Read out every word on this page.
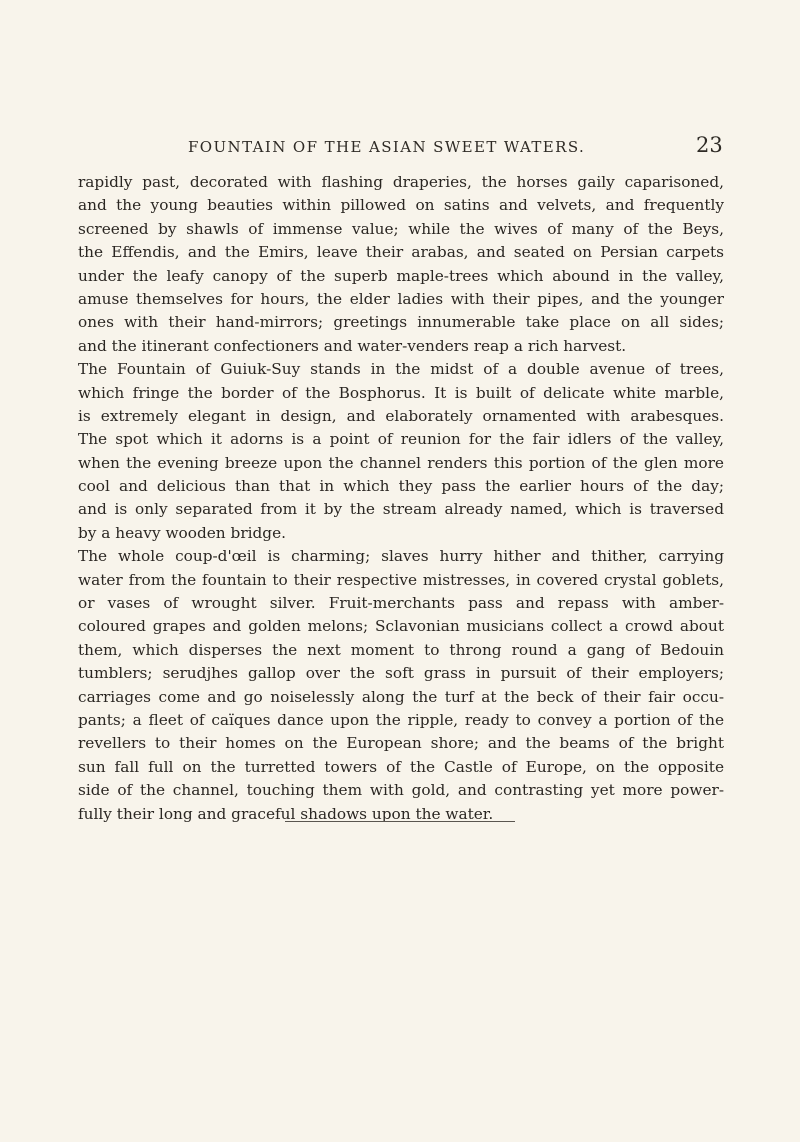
FOUNTAIN OF THE ASIAN SWEET WATERS.	23
rapidly past, decorated with flashing draperies, the horses gaily caparisoned,
and the young beauties within pillowed on satins and velvets, and frequently
screened by shawls of immense value; while the wives of many of the Beys,
the Effendis, and the Emirs, leave their arabas, and seated on Persian carpets
under the leafy canopy of the superb maple-trees which abound in the valley,
amuse themselves for hours, the elder ladies with their pipes, and the younger
ones with their hand-mirrors; greetings innumerable take place on all sides;
and the itinerant confectioners and water-venders reap a rich harvest.
The Fountain of Guiuk-Suy stands in the midst of a double avenue of trees,
which fringe the border of the Bosphorus. It is built of delicate white marble,
is extremely elegant in design, and elaborately ornamented with arabesques.
The spot which it adorns is a point of reunion for the fair idlers of the valley,
when the evening breeze upon the channel renders this portion of the glen more
cool and delicious than that in which they pass the earlier hours of the day;
and is only separated from it by the stream already named, which is traversed
by a heavy wooden bridge.
The whole coup-d'œil is charming; slaves hurry hither and thither, carrying
water from the fountain to their respective mistresses, in covered crystal goblets,
or vases of wrought silver. Fruit-merchants pass and repass with amber-
coloured grapes and golden melons; Sclavonian musicians collect a crowd about
them, which disperses the next moment to throng round a gang of Bedouin
tumblers; serudjhes gallop over the soft grass in pursuit of their employers;
carriages come and go noiselessly along the turf at the beck of their fair occu-
pants; a fleet of caïques dance upon the ripple, ready to convey a portion of the
revellers to their homes on the European shore; and the beams of the bright
sun fall full on the turretted towers of the Castle of Europe, on the opposite
side of the channel, touching them with gold, and contrasting yet more power-
fully their long and graceful shadows upon the water.
